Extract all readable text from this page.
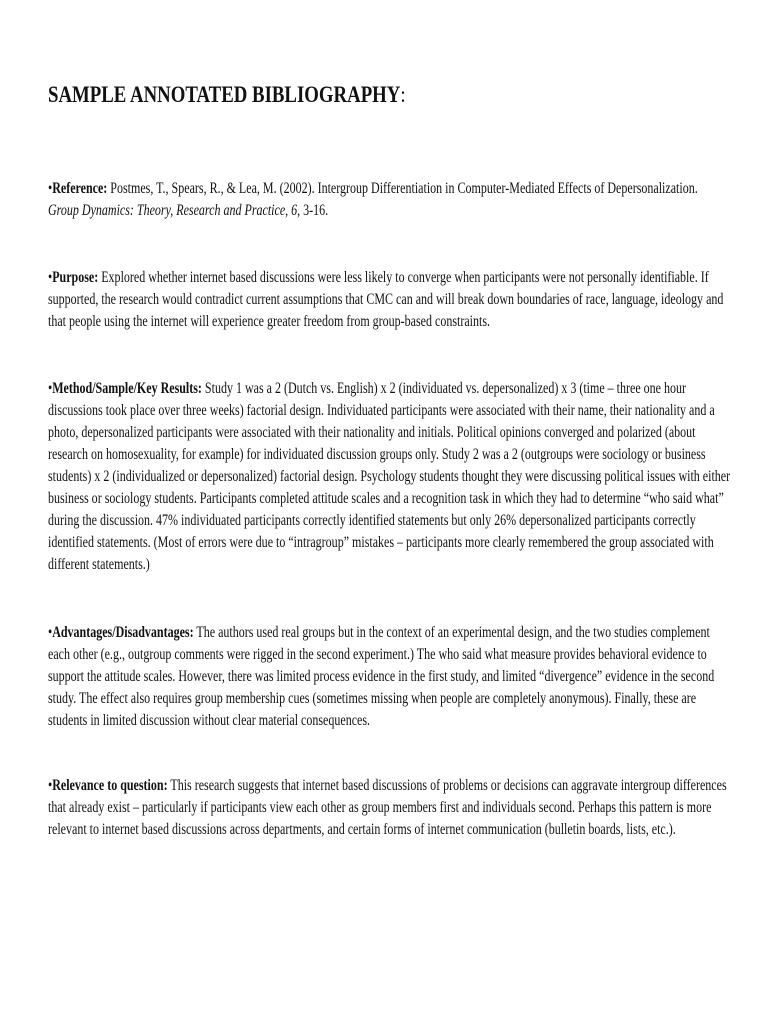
SAMPLE ANNOTATED BIBLIOGRAPHY:
•Reference: Postmes, T., Spears, R., & Lea, M. (2002). Intergroup Differentiation in Computer-Mediated Effects of Depersonalization.
Group Dynamics: Theory, Research and Practice, 6, 3-16.
•Purpose: Explored whether internet based discussions were less likely to converge when participants were not personally identifiable. If
supported, the research would contradict current assumptions that CMC can and will break down boundaries of race, language, ideology and
that people using the internet will experience greater freedom from group-based constraints.
•Method/Sample/Key Results: Study 1 was a 2 (Dutch vs. English) x 2 (individuated vs. depersonalized) x 3 (time – three one hour
discussions took place over three weeks) factorial design. Individuated participants were associated with their name, their nationality and a
photo, depersonalized participants were associated with their nationality and initials. Political opinions converged and polarized (about
research on homosexuality, for example) for individuated discussion groups only. Study 2 was a 2 (outgroups were sociology or business
students) x 2 (individualized or depersonalized) factorial design. Psychology students thought they were discussing political issues with either
business or sociology students. Participants completed attitude scales and a recognition task in which they had to determine “who said what”
during the discussion. 47% individuated participants correctly identified statements but only 26% depersonalized participants correctly
identified statements. (Most of errors were due to “intragroup” mistakes – participants more clearly remembered the group associated with
different statements.)
•Advantages/Disadvantages: The authors used real groups but in the context of an experimental design, and the two studies complement
each other (e.g., outgroup comments were rigged in the second experiment.) The who said what measure provides behavioral evidence to
support the attitude scales. However, there was limited process evidence in the first study, and limited “divergence” evidence in the second
study. The effect also requires group membership cues (sometimes missing when people are completely anonymous). Finally, these are
students in limited discussion without clear material consequences.
•Relevance to question: This research suggests that internet based discussions of problems or decisions can aggravate intergroup differences
that already exist – particularly if participants view each other as group members first and individuals second. Perhaps this pattern is more
relevant to internet based discussions across departments, and certain forms of internet communication (bulletin boards, lists, etc.).
